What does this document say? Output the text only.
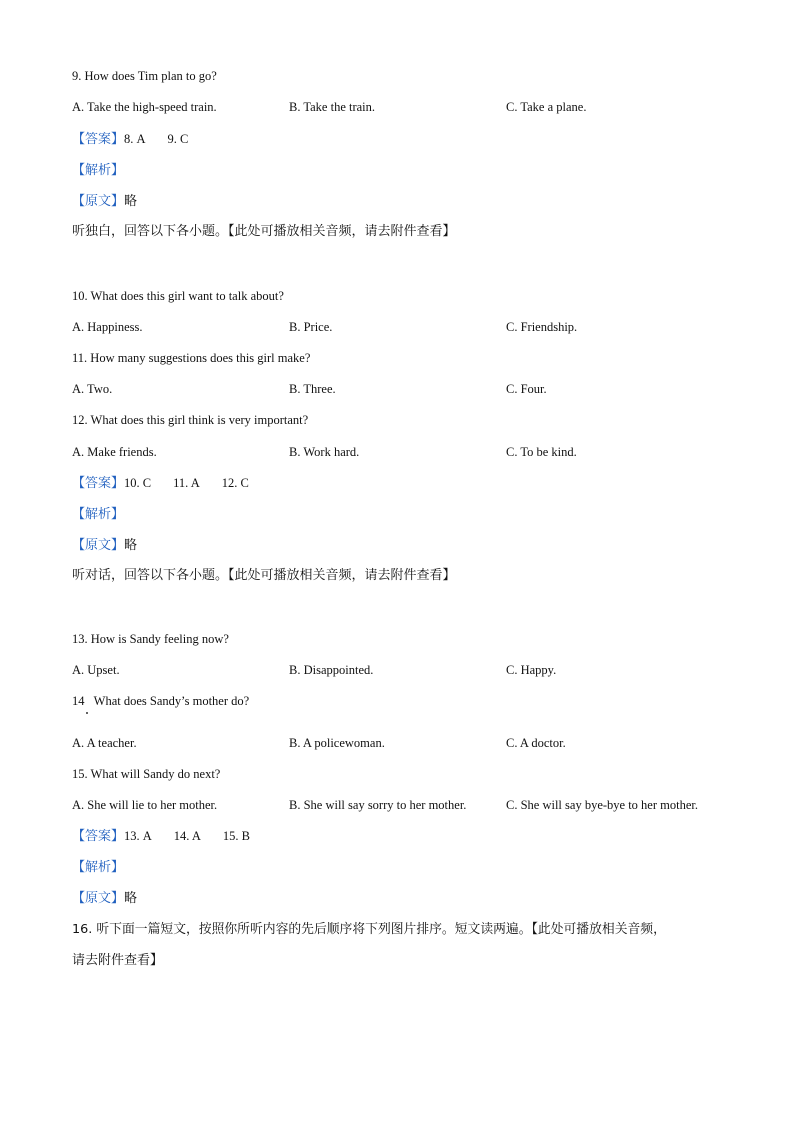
9. How does Tim plan to go?
A. Take the high-speed train.	B. Take the train.	C. Take a plane.
【答案】8. A 9. C
【解析】
【原文】略
听独白，回答以下各小题。【此处可播放相关音频，请去附件查看】
10. What does this girl want to talk about?
A. Happiness.	B. Price.	C. Friendship.
11. How many suggestions does this girl make?
A. Two.	B. Three.	C. Four.
12. What does this girl think is very important?
A. Make friends.	B. Work hard.	C. To be kind.
【答案】10. C 11. A 12. C
【解析】
【原文】略
听对话，回答以下各小题。【此处可播放相关音频，请去附件查看】
13. How is Sandy feeling now?
A. Upset.	B. Disappointed.	C. Happy.
14   What does Sandy’s mother do?
A. A teacher.	B. A policewoman.	C. A doctor.
15. What will Sandy do next?
A. She will lie to her mother.	B. She will say sorry to her mother.	C. She will say bye-bye to her mother.
【答案】13. A 14. A 15. B
【解析】
【原文】略
16. 听下面一篇短文，按照你所听内容的先后顺序将下列图片排序。短文读两遍。【此处可播放相关音频，
请去附件查看】
